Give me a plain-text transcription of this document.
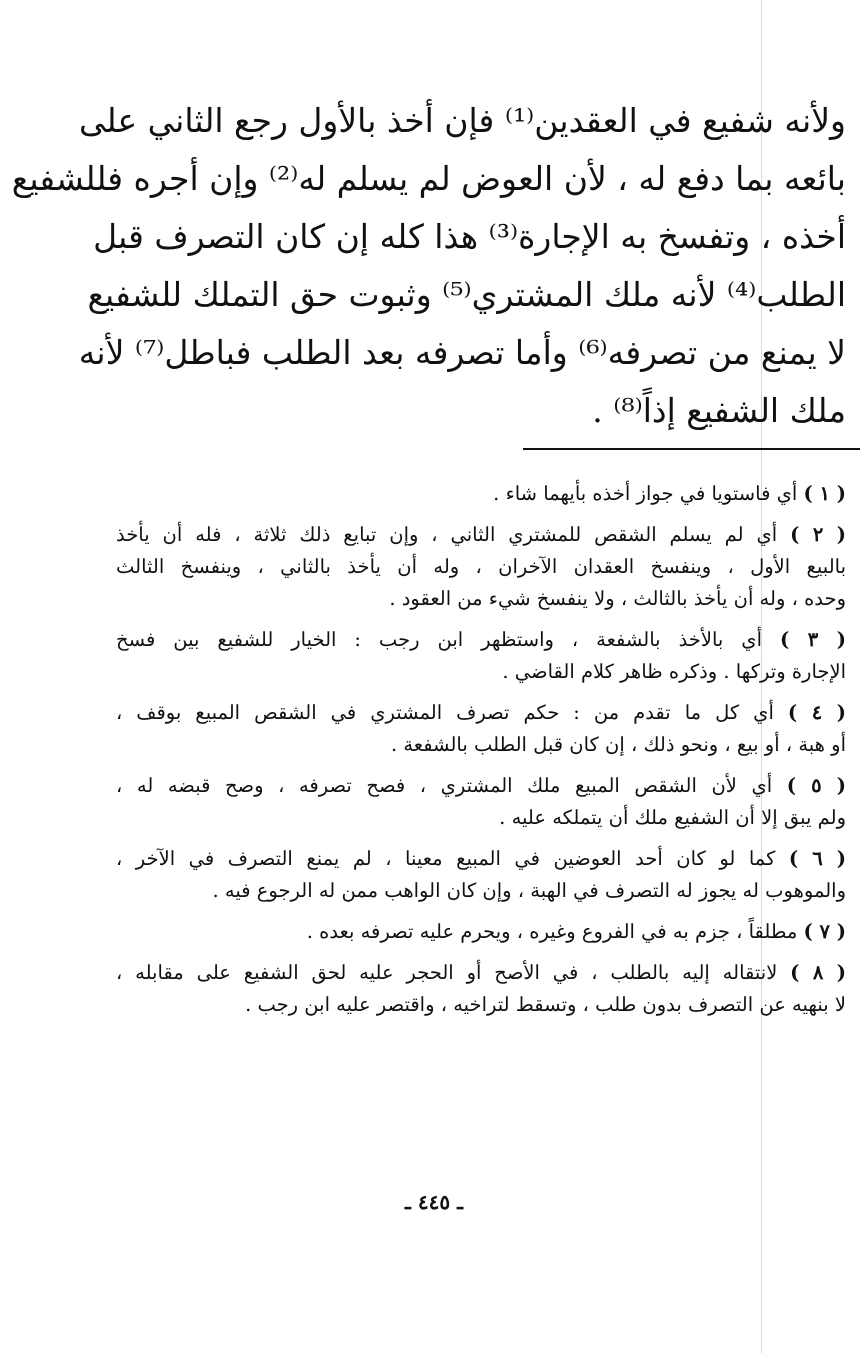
ولأنه شفيع في العقدين⁽¹⁾ فإن أخذ بالأول رجع الثاني على
بائعه بما دفع له ، لأن العوض لم يسلم له⁽²⁾ وإن أجره فللشفيع
أخذه ، وتفسخ به الإجارة⁽³⁾ هذا كله إن كان التصرف قبل
الطلب⁽⁴⁾ لأنه ملك المشتري⁽⁵⁾ وثبوت حق التملك للشفيع
لا يمنع من تصرفه⁽⁶⁾ وأما تصرفه بعد الطلب فباطل⁽⁷⁾ لأنه
ملك الشفيع إذاً⁽⁸⁾ .
( ١ ) أي فاستويا في جواز أخذه بأيهما شاء .
( ٢ ) أي لم يسلم الشقص للمشتري الثاني ، وإن تبايع ذلك ثلاثة ، فله أن يأخذ
بالبيع الأول ، وينفسخ العقدان الآخران ، وله أن يأخذ بالثاني ، وينفسخ الثالث
وحده ، وله أن يأخذ بالثالث ، ولا ينفسخ شيء من العقود .
( ٣ ) أي بالأخذ بالشفعة ، واستظهر ابن رجب : الخيار للشفيع بين فسخ
الإجارة وتركها . وذكره ظاهر كلام القاضي .
( ٤ ) أي كل ما تقدم من : حكم تصرف المشتري في الشقص المبيع بوقف ،
أو هبة ، أو بيع ، ونحو ذلك ، إن كان قبل الطلب بالشفعة .
( ٥ ) أي لأن الشقص المبيع ملك المشتري ، فصح تصرفه ، وصح قبضه له ،
ولم يبق إلا أن الشفيع ملك أن يتملكه عليه .
( ٦ ) كما لو كان أحد العوضين في المبيع معينا ، لم يمنع التصرف في الآخر ،
والموهوب له يجوز له التصرف في الهبة ، وإن كان الواهب ممن له الرجوع فيه .
( ٧ ) مطلقاً ، جزم به في الفروع وغيره ، ويحرم عليه تصرفه بعده .
( ٨ ) لانتقاله إليه بالطلب ، في الأصح أو الحجر عليه لحق الشفيع على مقابله ،
لا بنهيه عن التصرف بدون طلب ، وتسقط لتراخيه ، واقتصر عليه ابن رجب .
ـ ٤٤٥ ـ
